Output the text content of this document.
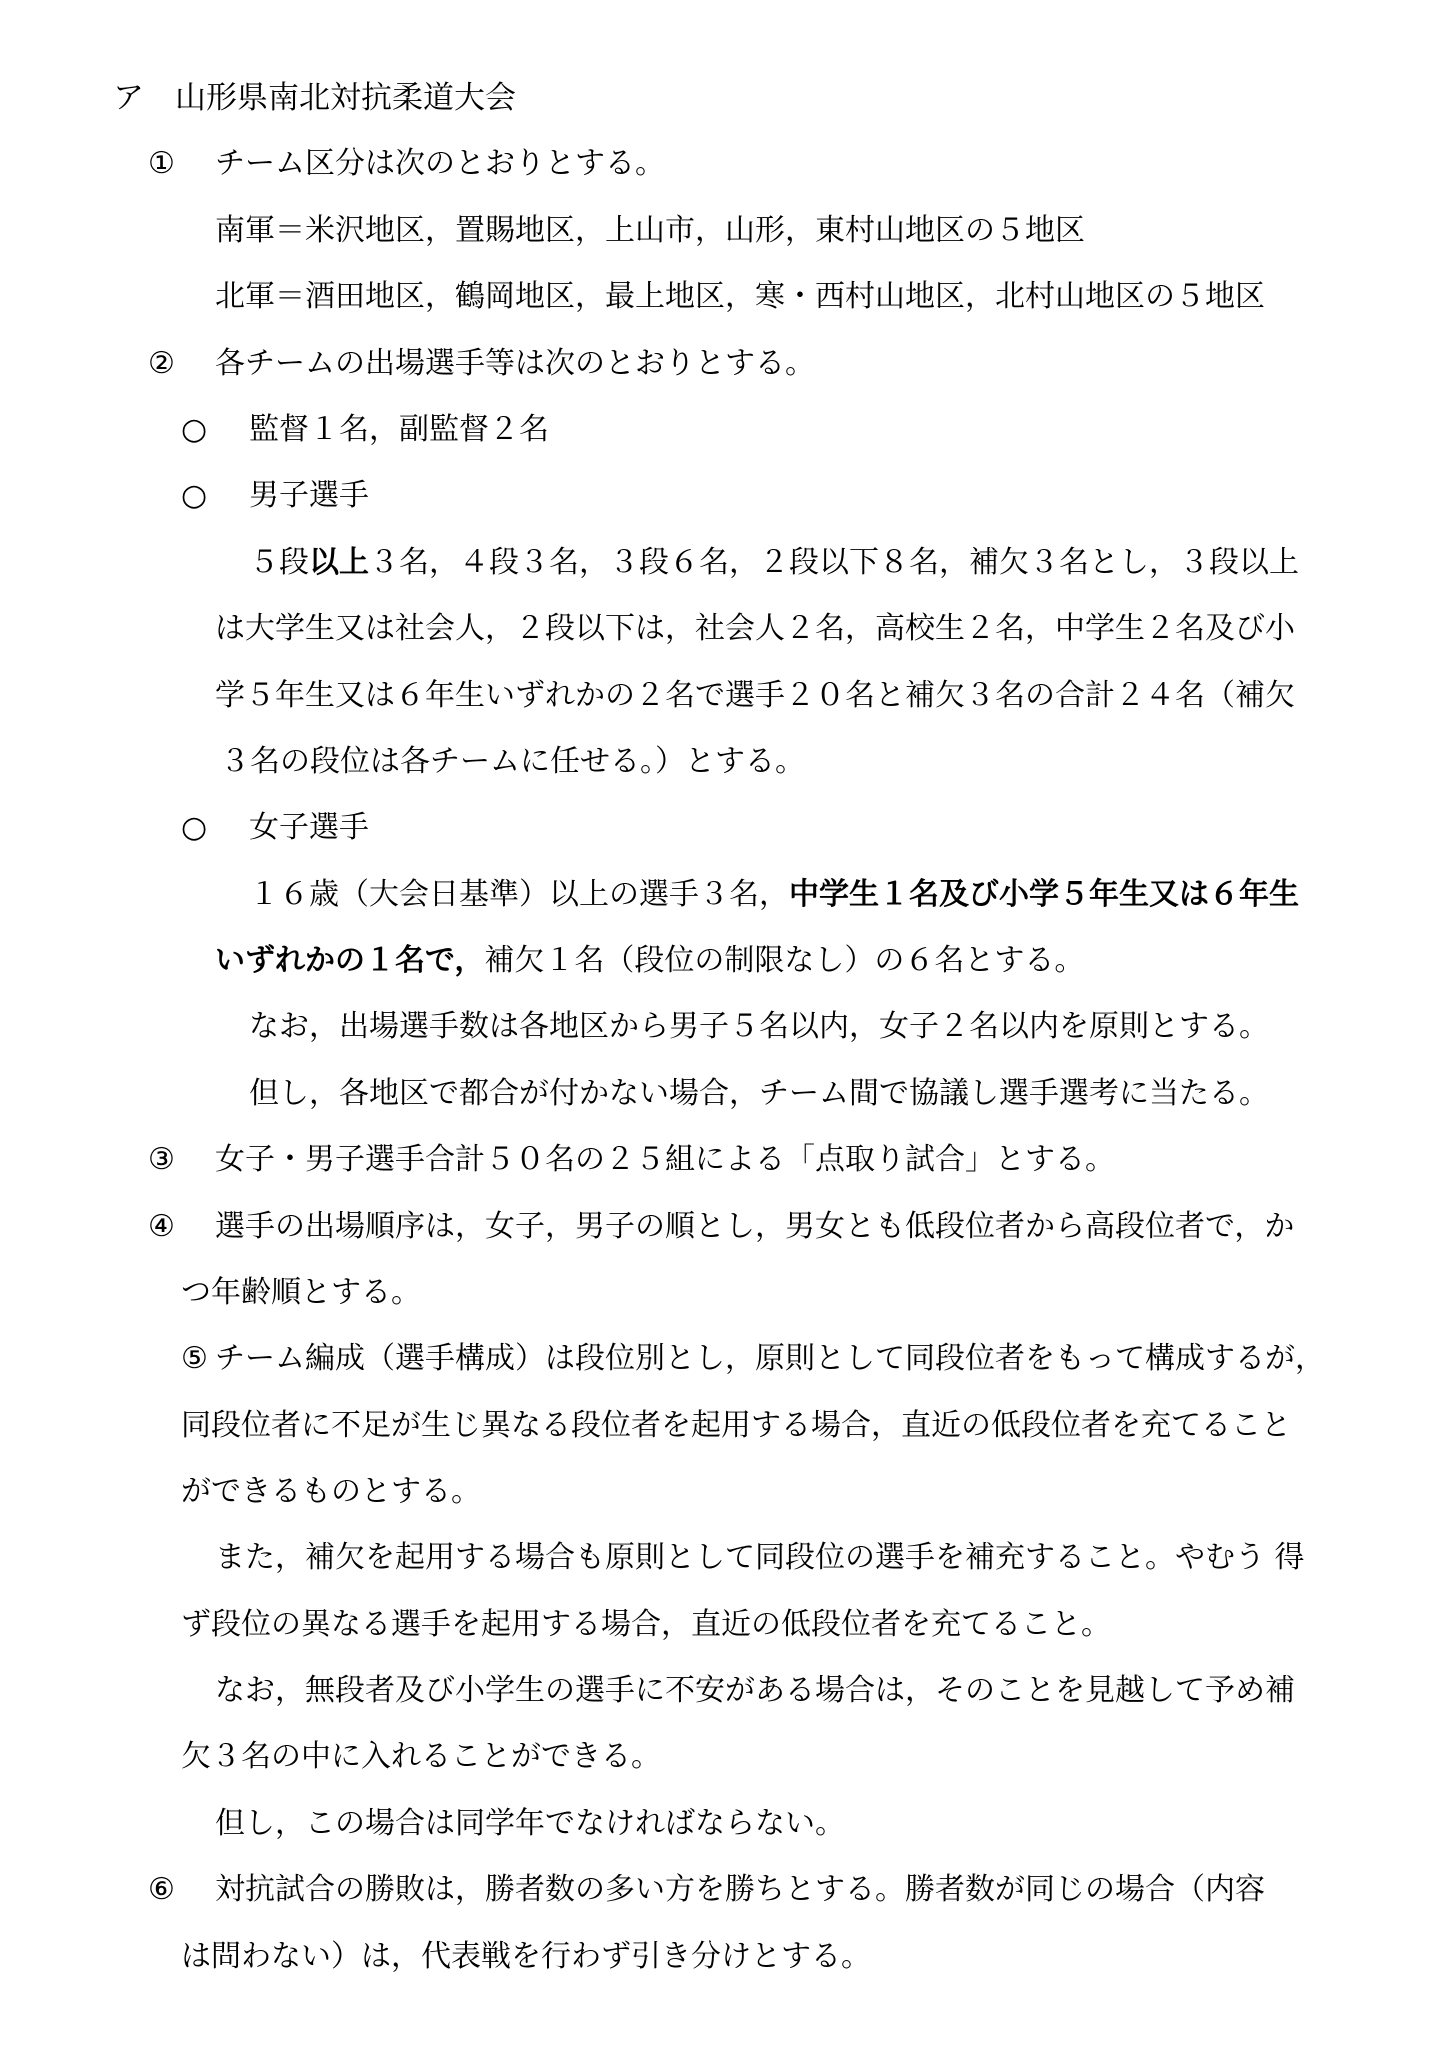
ア　山形県南北対抗柔道大会
① チーム区分は次のとおりとする。
南軍＝米沢地区，置賜地区，上山市，山形，東村山地区の５地区
北軍＝酒田地区，鶴岡地区，最上地区，寒・西村山地区，北村山地区の５地区
② 各チームの出場選手等は次のとおりとする。
○ 監督１名，副監督２名
○ 男子選手
５段以上３名，４段３名，３段６名，２段以下８名，補欠３名とし，３段以上
は大学生又は社会人，２段以下は，社会人２名，高校生２名，中学生２名及び小
学５年生又は６年生いずれかの２名で選手２０名と補欠３名の合計２４名（補欠
３名の段位は各チームに任せる。）とする。
○ 女子選手
１６歳（大会日基準）以上の選手３名，中学生１名及び小学５年生又は６年生
いずれかの１名で，補欠１名（段位の制限なし）の６名とする。
なお，出場選手数は各地区から男子５名以内，女子２名以内を原則とする。
但し，各地区で都合が付かない場合，チーム間で協議し選手選考に当たる。
③ 女子・男子選手合計５０名の２５組による「点取り試合」とする。
④ 選手の出場順序は，女子，男子の順とし，男女とも低段位者から高段位者で，か
つ年齢順とする。
⑤ チーム編成（選手構成）は段位別とし，原則として同段位者をもって構成するが，
同段位者に不足が生じ異なる段位者を起用する場合，直近の低段位者を充てること
ができるものとする。
また，補欠を起用する場合も原則として同段位の選手を補充すること。やむう 得
ず段位の異なる選手を起用する場合，直近の低段位者を充てること。
なお，無段者及び小学生の選手に不安がある場合は，そのことを見越して予め補
欠３名の中に入れることができる。
但し，この場合は同学年でなければならない。
⑥ 対抗試合の勝敗は，勝者数の多い方を勝ちとする。勝者数が同じの場合（内容
は問わない）は，代表戦を行わず引き分けとする。
